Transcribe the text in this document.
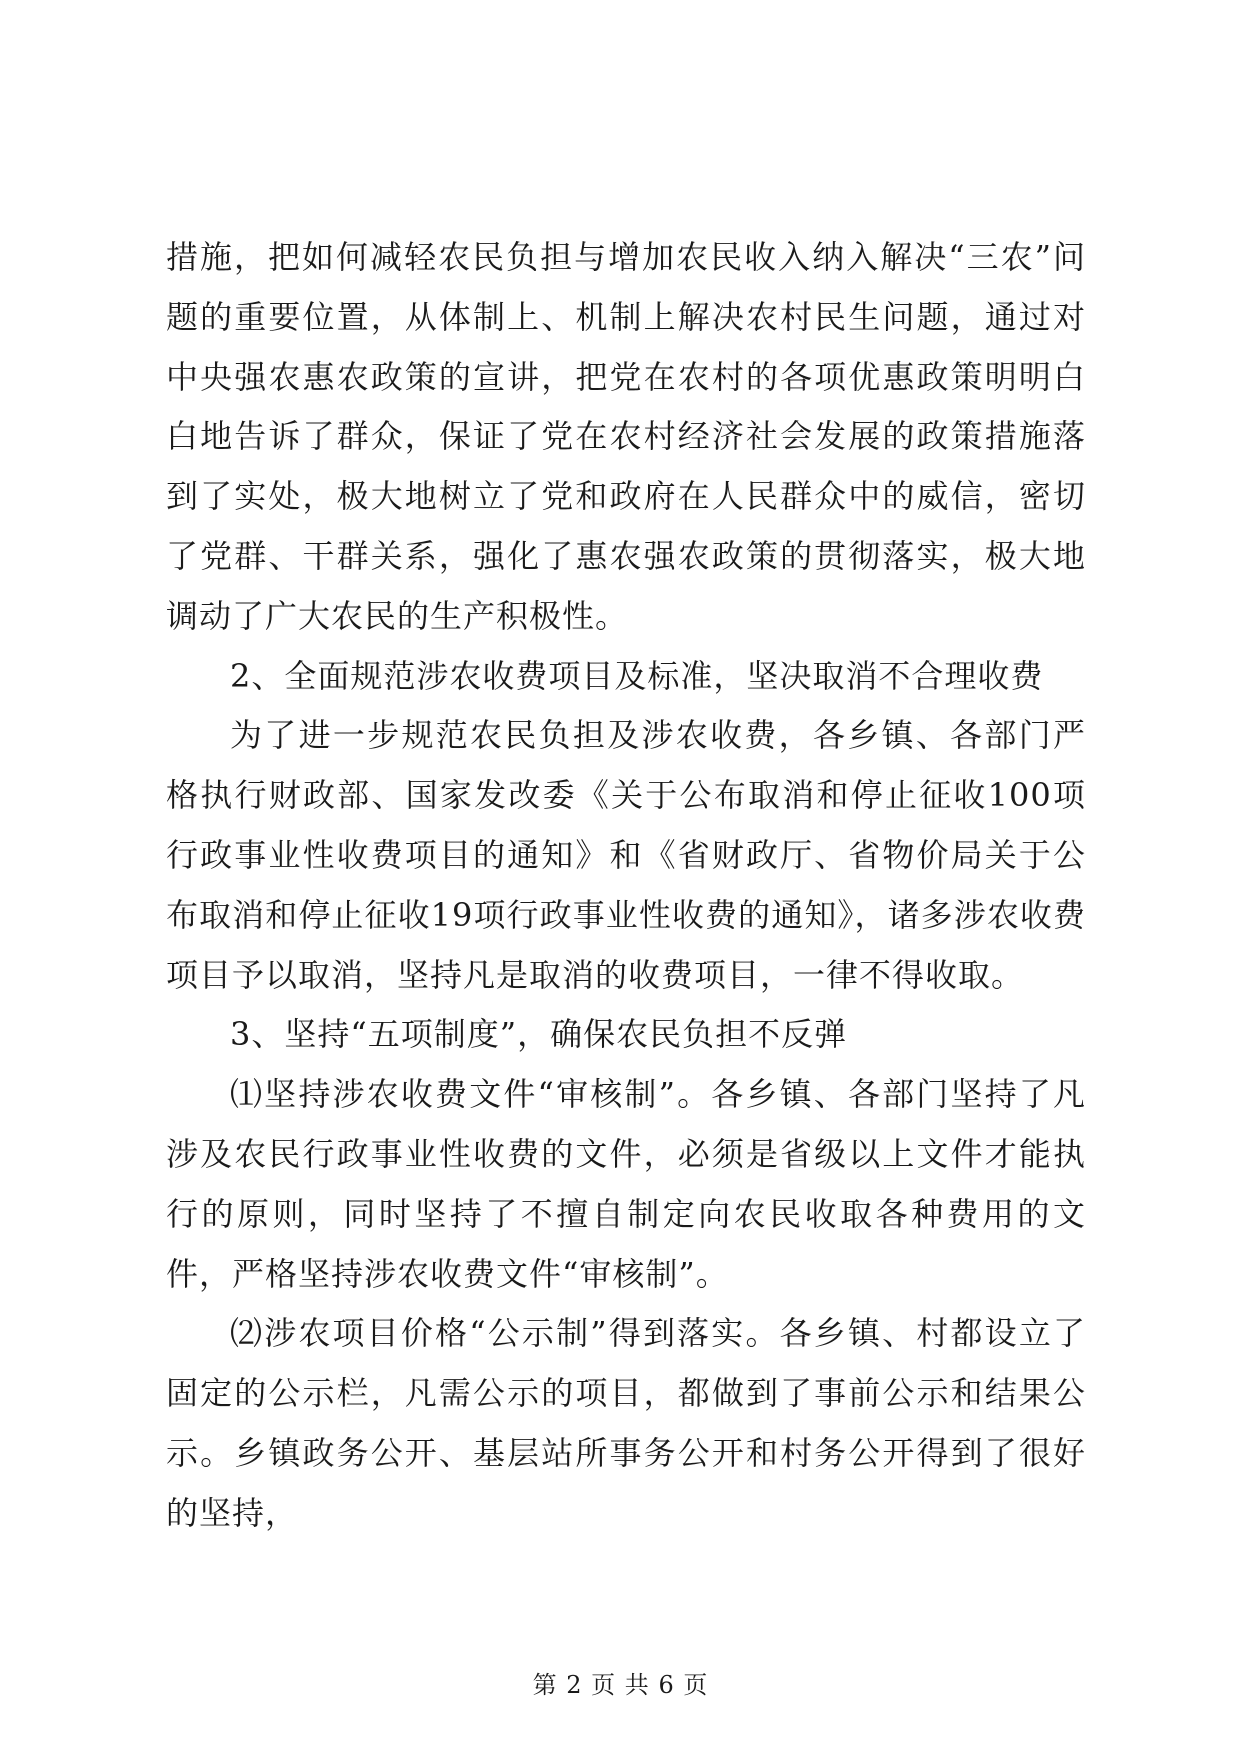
措施，把如何减轻农民负担与增加农民收入纳入解决“三农”问题的重要位置，从体制上、机制上解决农村民生问题，通过对中央强农惠农政策的宣讲，把党在农村的各项优惠政策明明白白地告诉了群众，保证了党在农村经济社会发展的政策措施落到了实处，极大地树立了党和政府在人民群众中的威信，密切了党群、干群关系，强化了惠农强农政策的贯彻落实，极大地调动了广大农民的生产积极性。

2、全面规范涉农收费项目及标准，坚决取消不合理收费

为了进一步规范农民负担及涉农收费，各乡镇、各部门严格执行财政部、国家发改委《关于公布取消和停止征收100项行政事业性收费项目的通知》和《省财政厅、省物价局关于公布取消和停止征收19项行政事业性收费的通知》，诸多涉农收费项目予以取消，坚持凡是取消的收费项目，一律不得收取。

3、坚持“五项制度”，确保农民负担不反弹

⑴坚持涉农收费文件“审核制”。各乡镇、各部门坚持了凡涉及农民行政事业性收费的文件，必须是省级以上文件才能执行的原则，同时坚持了不擅自制定向农民收取各种费用的文件，严格坚持涉农收费文件“审核制”。

⑵涉农项目价格“公示制”得到落实。各乡镇、村都设立了固定的公示栏，凡需公示的项目，都做到了事前公示和结果公示。乡镇政务公开、基层站所事务公开和村务公开得到了很好的坚持，

第 2 页 共 6 页
